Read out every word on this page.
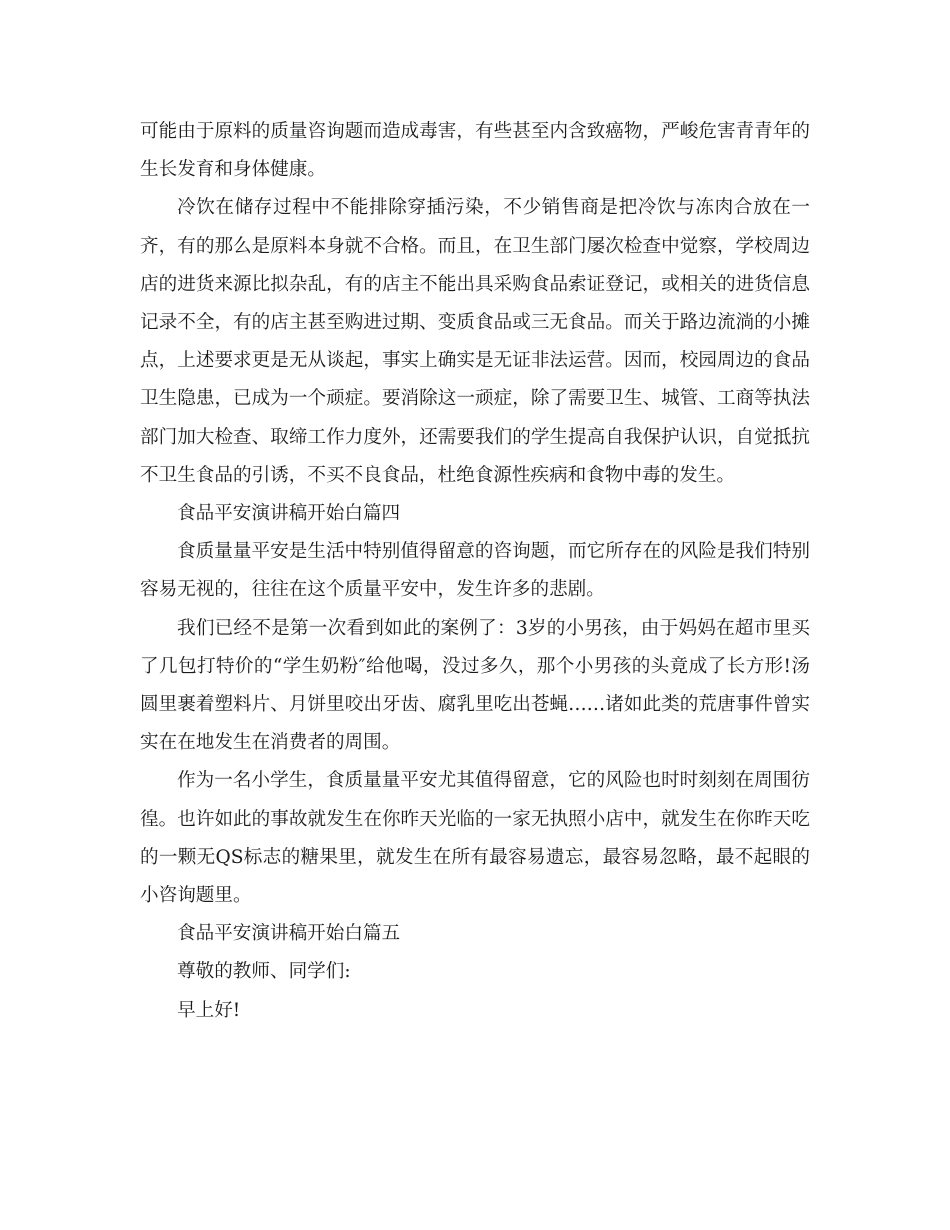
可能由于原料的质量咨询题而造成毒害，有些甚至内含致癌物，严峻危害青青年的生长发育和身体健康。

冷饮在储存过程中不能排除穿插污染，不少销售商是把冷饮与冻肉合放在一齐，有的那么是原料本身就不合格。而且，在卫生部门屡次检查中觉察，学校周边店的进货来源比拟杂乱，有的店主不能出具采购食品索证登记，或相关的进货信息记录不全，有的店主甚至购进过期、变质食品或三无食品。而关于路边流淌的小摊点，上述要求更是无从谈起，事实上确实是无证非法运营。因而，校园周边的食品卫生隐患，已成为一个顽症。要消除这一顽症，除了需要卫生、城管、工商等执法部门加大检查、取缔工作力度外，还需要我们的学生提高自我保护认识，自觉抵抗不卫生食品的引诱，不买不良食品，杜绝食源性疾病和食物中毒的发生。

食品平安演讲稿开始白篇四

食质量量平安是生活中特别值得留意的咨询题，而它所存在的风险是我们特别容易无视的，往往在这个质量平安中，发生许多的悲剧。

我们已经不是第一次看到如此的案例了：3岁的小男孩，由于妈妈在超市里买了几包打特价的“学生奶粉″给他喝，没过多久，那个小男孩的头竟成了长方形!汤圆里裹着塑料片、月饼里咬出牙齿、腐乳里吃出苍蝇……诸如此类的荒唐事件曾实实在在地发生在消费者的周围。

作为一名小学生，食质量量平安尤其值得留意，它的风险也时时刻刻在周围彷徨。也许如此的事故就发生在你昨天光临的一家无执照小店中，就发生在你昨天吃的一颗无QS标志的糖果里，就发生在所有最容易遗忘，最容易忽略，最不起眼的小咨询题里。

食品平安演讲稿开始白篇五

尊敬的教师、同学们:

早上好!
